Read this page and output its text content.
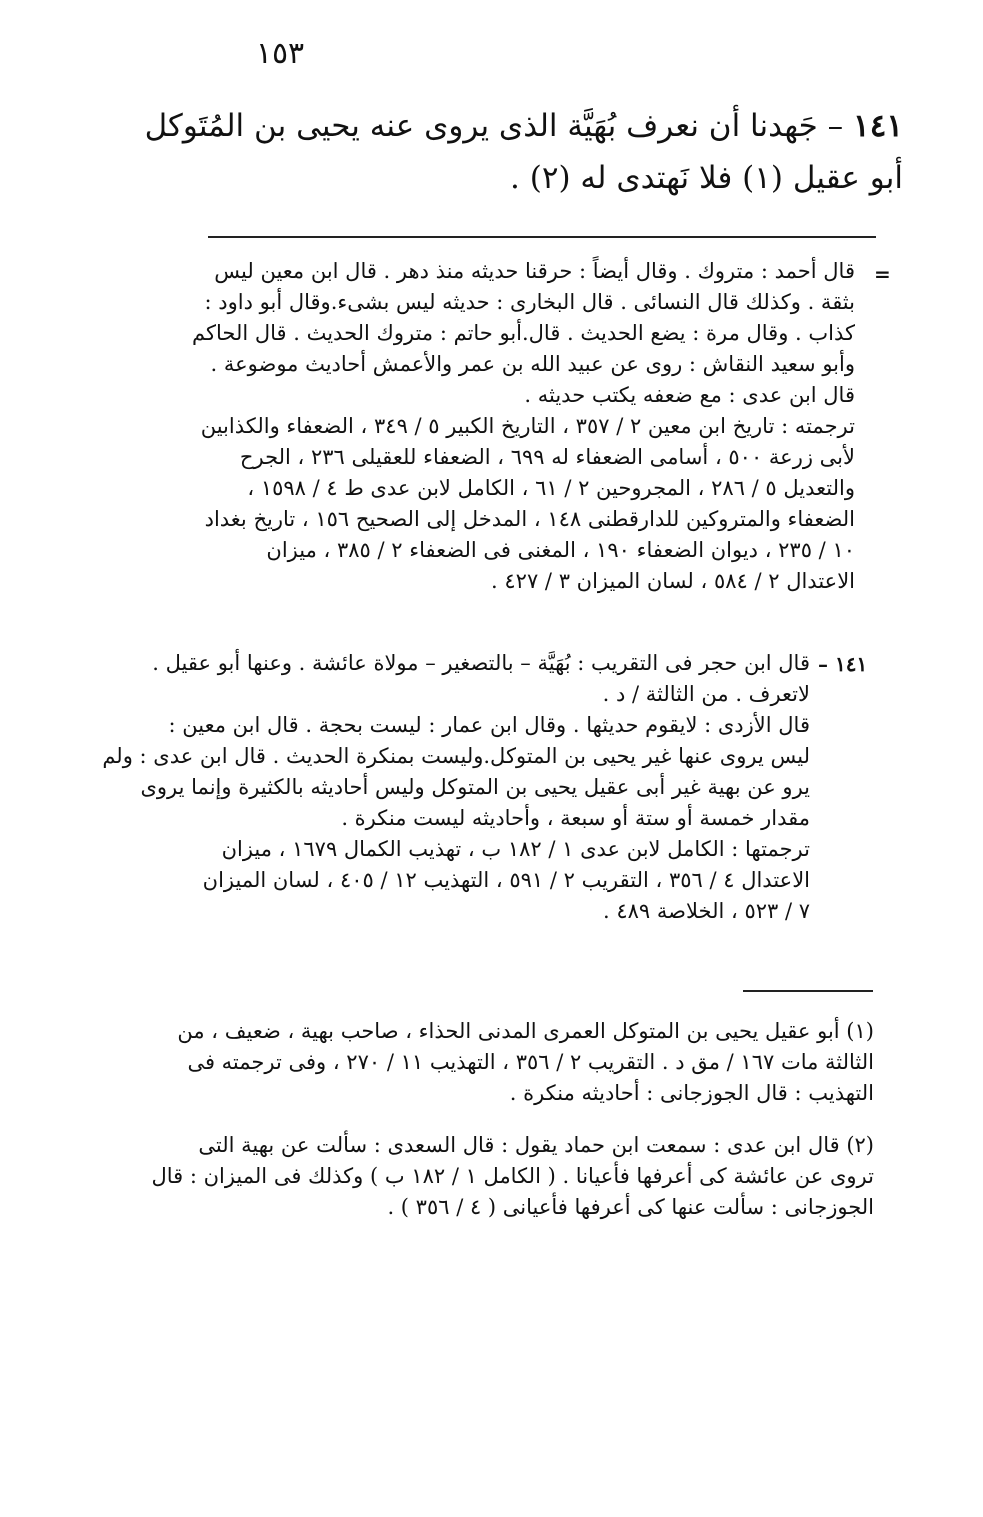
١٥٣
١٤١ – جَهدنا أن نعرف بُهَيَّة الذى يروى عنه يحيى بن المُتَوكل
أبو عقيل (١) فلا نَهتدى له (٢) .
=
قال أحمد : متروك . وقال أيضاً : حرقنا حديثه منذ دهر . قال ابن معين ليس
بثقة . وكذلك قال النسائى . قال البخارى : حديثه ليس بشىء.وقال أبو داود :
كذاب . وقال مرة : يضع الحديث . قال.أبو حاتم : متروك الحديث . قال الحاكم
وأبو سعيد النقاش : روى عن عبيد الله بن عمر والأعمش أحاديث موضوعة .
قال ابن عدى : مع ضعفه يكتب حديثه .
ترجمته : تاريخ ابن معين ٢ / ٣٥٧ ، التاريخ الكبير ٥ / ٣٤٩ ، الضعفاء والكذابين
لأبى زرعة ٥٠٠ ، أسامى الضعفاء له ٦٩٩ ، الضعفاء للعقيلى ٢٣٦ ، الجرح
والتعديل ٥ / ٢٨٦ ، المجروحين ٢ / ٦١ ، الكامل لابن عدى ط ٤ / ١٥٩٨ ،
الضعفاء والمتروكين للدارقطنى ١٤٨ ، المدخل إلى الصحيح ١٥٦ ، تاريخ بغداد
١٠ / ٢٣٥ ، ديوان الضعفاء ١٩٠ ، المغنى فى الضعفاء ٢ / ٣٨٥ ، ميزان
الاعتدال ٢ / ٥٨٤ ، لسان الميزان ٣ / ٤٢٧ .
١٤١ –
قال ابن حجر فى التقريب : بُهَيَّة – بالتصغير – مولاة عائشة . وعنها أبو عقيل .
لاتعرف . من الثالثة / د .
قال الأزدى : لايقوم حديثها . وقال ابن عمار : ليست بحجة . قال ابن معين :
ليس يروى عنها غير يحيى بن المتوكل.وليست بمنكرة الحديث . قال ابن عدى : ولم
يرو عن بهية غير أبى عقيل يحيى بن المتوكل وليس أحاديثه بالكثيرة وإنما يروى
مقدار خمسة أو ستة أو سبعة ، وأحاديثه ليست منكرة .
ترجمتها : الكامل لابن عدى ١ / ١٨٢ ب ، تهذيب الكمال ١٦٧٩ ، ميزان
الاعتدال ٤ / ٣٥٦ ، التقريب ٢ / ٥٩١ ، التهذيب ١٢ / ٤٠٥ ، لسان الميزان
٧ / ٥٢٣ ، الخلاصة ٤٨٩ .
(١) أبو عقيل يحيى بن المتوكل العمرى المدنى الحذاء ، صاحب بهية ، ضعيف ، من
الثالثة مات ١٦٧ / مق د . التقريب ٢ / ٣٥٦ ، التهذيب ١١ / ٢٧٠ ، وفى ترجمته فى
التهذيب : قال الجوزجانى : أحاديثه منكرة .
(٢) قال ابن عدى : سمعت ابن حماد يقول : قال السعدى : سألت عن بهية التى
تروى عن عائشة كى أعرفها فأعيانا . ( الكامل ١ / ١٨٢ ب ) وكذلك فى الميزان : قال
الجوزجانى : سألت عنها كى أعرفها فأعيانى ( ٤ / ٣٥٦ ) .
